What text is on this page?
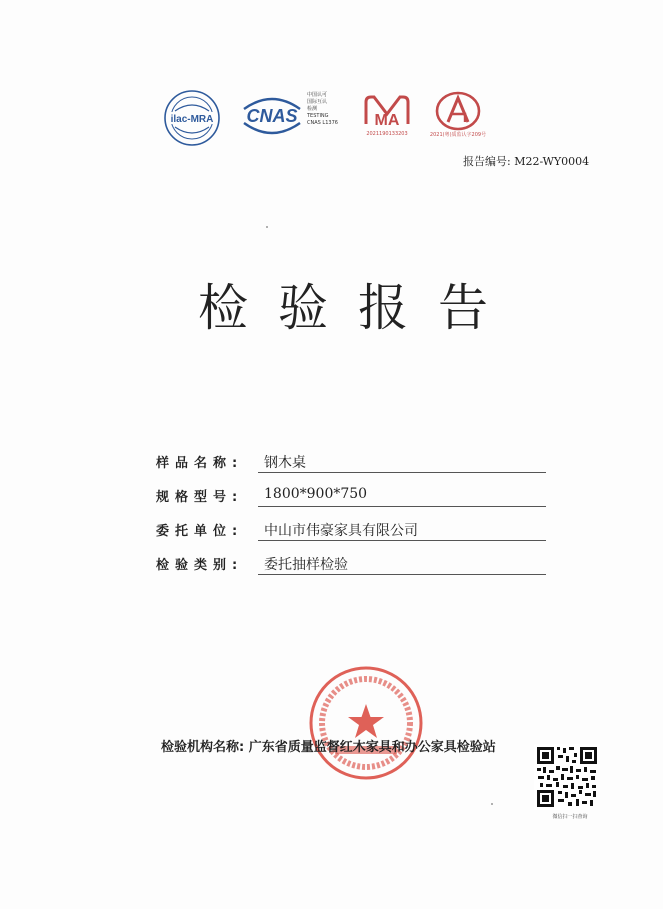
ilac-MRA CNAS
中国认可
国际互认
检测
TESTING
CNAS L1376	MA
2021190133203	2021(粤)质监认字209号
报告编号: M22-WY0004
检验报告
样品名称: 钢木桌
规格型号: 1800*900*750
委托单位: 中山市伟豪家具有限公司
检验类别: 委托抽样检验
检验机构名称: 广东省质量监督红木家具和办公家具检验站
微信扫一扫查询
